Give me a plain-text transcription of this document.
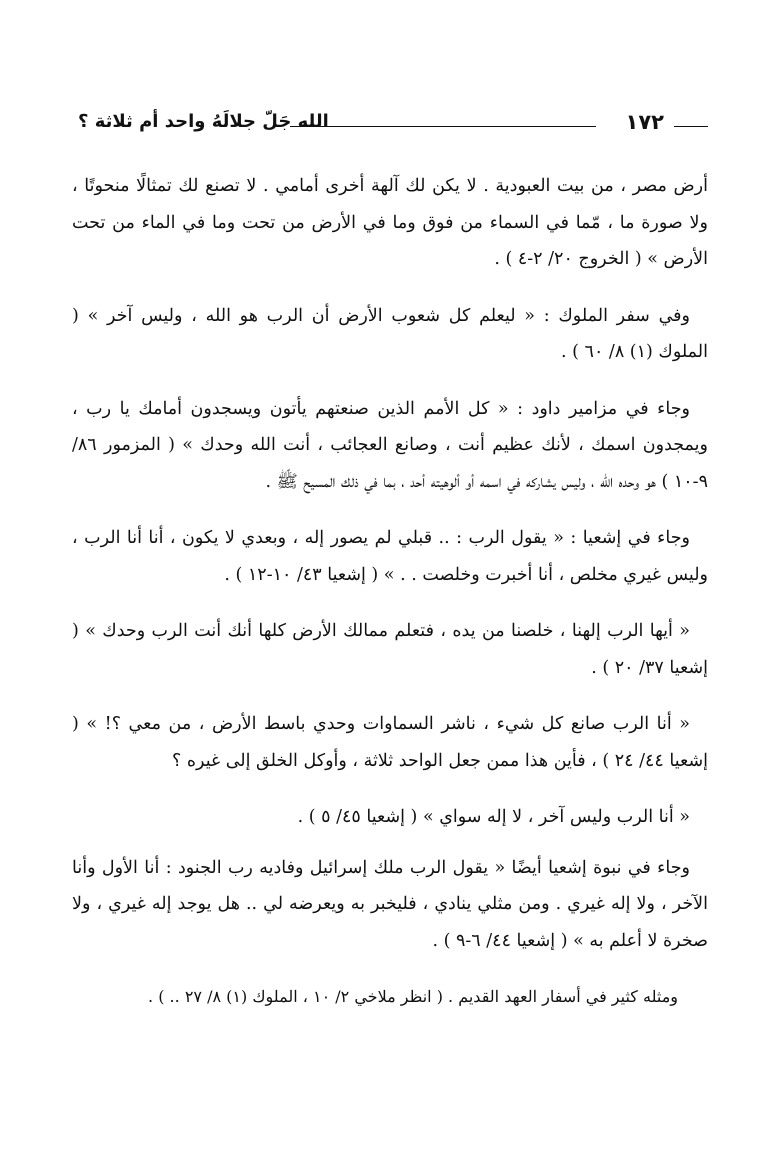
١٧٢
الله جَلّ جلالَهُ واحد أم ثلاثة ؟

أرض مصر ، من بيت العبودية . لا يكن لك آلهة أخرى أمامي . لا تصنع لك تمثالًا منحوتًا ، ولا صورة ما ، مّما في السماء من فوق وما في الأرض من تحت وما في الماء من تحت الأرض » ( الخروج ٢٠/ ٢-٤ ) .

وفي سفر الملوك : « ليعلم كل شعوب الأرض أن الرب هو الله ، وليس آخر » ( الملوك (١) ٨/ ٦٠ ) .

وجاء في مزامير داود : « كل الأمم الذين صنعتهم يأتون ويسجدون أمامك يا رب ، ويمجدون اسمك ، لأنك عظيم أنت ، وصانع العجائب ، أنت الله وحدك » ( المزمور ٨٦/ ٩-١٠ ) هو وحده الله ، وليس يشاركه في اسمه أو ألوهيته أحد ، بما في ذلك المسيح ﷺ .

وجاء في إشعيا : « يقول الرب : .. قبلي لم يصور إله ، وبعدي لا يكون ، أنا أنا الرب ، وليس غيري مخلص ، أنا أخبرت وخلصت . . » ( إشعيا ٤٣/ ١٠-١٢ ) .

« أيها الرب إلهنا ، خلصنا من يده ، فتعلم ممالك الأرض كلها أنك أنت الرب وحدك » ( إشعيا ٣٧/ ٢٠ ) .

« أنا الرب صانع كل شيء ، ناشر السماوات وحدي باسط الأرض ، من معي ؟! » ( إشعيا ٤٤/ ٢٤ ) ، فأين هذا ممن جعل الواحد ثلاثة ، وأوكل الخلق إلى غيره ؟

« أنا الرب وليس آخر ، لا إله سواي » ( إشعيا ٤٥/ ٥ ) .

وجاء في نبوة إشعيا أيضًا « يقول الرب ملك إسرائيل وفاديه رب الجنود : أنا الأول وأنا الآخر ، ولا إله غيري . ومن مثلي ينادي ، فليخبر به ويعرضه لي .. هل يوجد إله غيري ، ولا صخرة لا أعلم به » ( إشعيا ٤٤/ ٦-٩ ) .

ومثله كثير في أسفار العهد القديم . ( انظر ملاخي ٢/ ١٠ ، الملوك (١) ٨/ ٢٧ .. ) .
